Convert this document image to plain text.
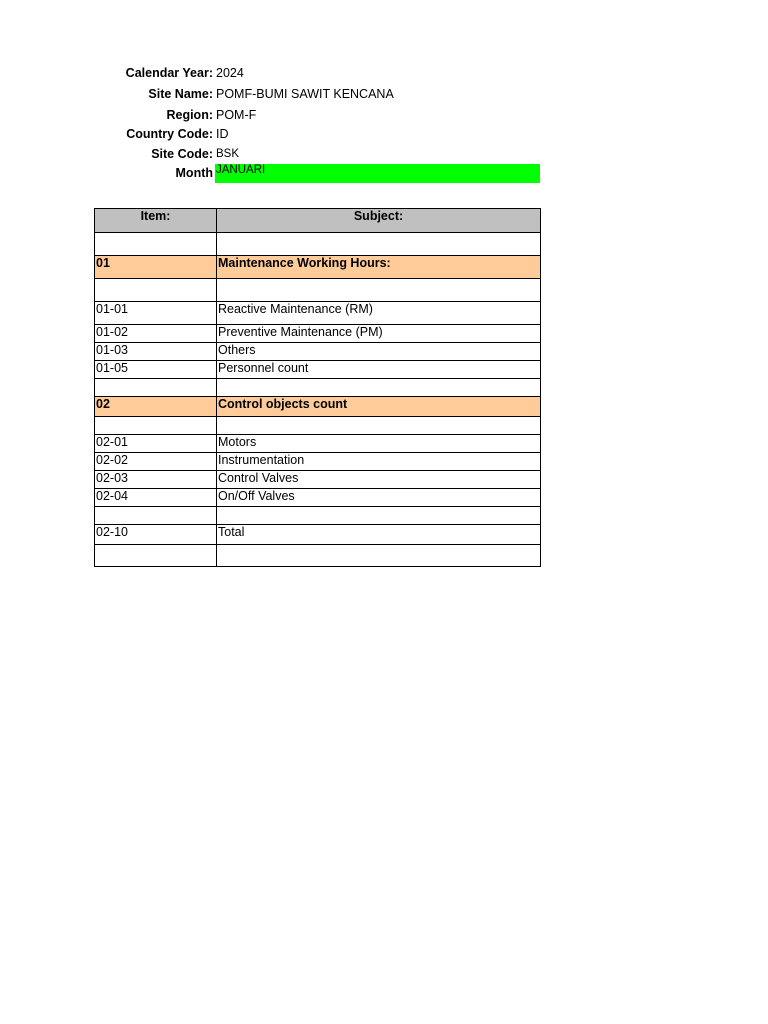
Calendar Year: 2024
Site Name: POMF-BUMI SAWIT KENCANA
Region: POM-F
Country Code: ID
Site Code: BSK
Month JANUARI
Item:	Subject:

01	Maintenance Working Hours:

01-01	Reactive Maintenance (RM)
01-02	Preventive Maintenance (PM)
01-03	Others
01-05	Personnel count

02	Control objects count

02-01	Motors
02-02	Instrumentation
02-03	Control Valves
02-04	On/Off Valves

02-10	Total
